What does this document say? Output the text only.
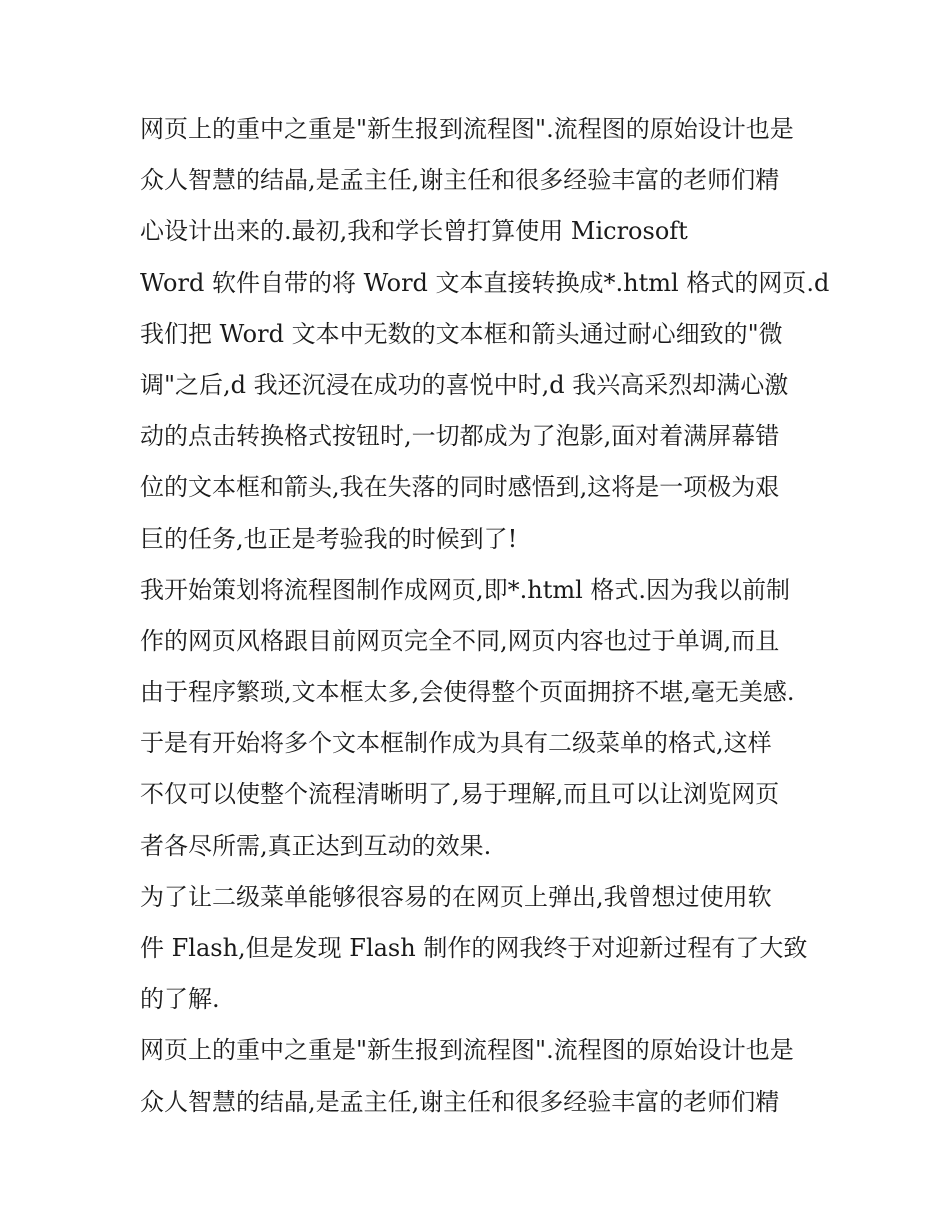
网页上的重中之重是"新生报到流程图".流程图的原始设计也是
众人智慧的结晶,是孟主任,谢主任和很多经验丰富的老师们精
心设计出来的.最初,我和学长曾打算使用 Microsoft
Word 软件自带的将 Word 文本直接转换成*.html 格式的网页.d
我们把 Word 文本中无数的文本框和箭头通过耐心细致的"微
调"之后,d 我还沉浸在成功的喜悦中时,d 我兴高采烈却满心激
动的点击转换格式按钮时,一切都成为了泡影,面对着满屏幕错
位的文本框和箭头,我在失落的同时感悟到,这将是一项极为艰
巨的任务,也正是考验我的时候到了!
我开始策划将流程图制作成网页,即*.html 格式.因为我以前制
作的网页风格跟目前网页完全不同,网页内容也过于单调,而且
由于程序繁琐,文本框太多,会使得整个页面拥挤不堪,毫无美感.
于是有开始将多个文本框制作成为具有二级菜单的格式,这样
不仅可以使整个流程清晰明了,易于理解,而且可以让浏览网页
者各尽所需,真正达到互动的效果.
为了让二级菜单能够很容易的在网页上弹出,我曾想过使用软
件 Flash,但是发现 Flash 制作的网我终于对迎新过程有了大致
的了解.
网页上的重中之重是"新生报到流程图".流程图的原始设计也是
众人智慧的结晶,是孟主任,谢主任和很多经验丰富的老师们精
